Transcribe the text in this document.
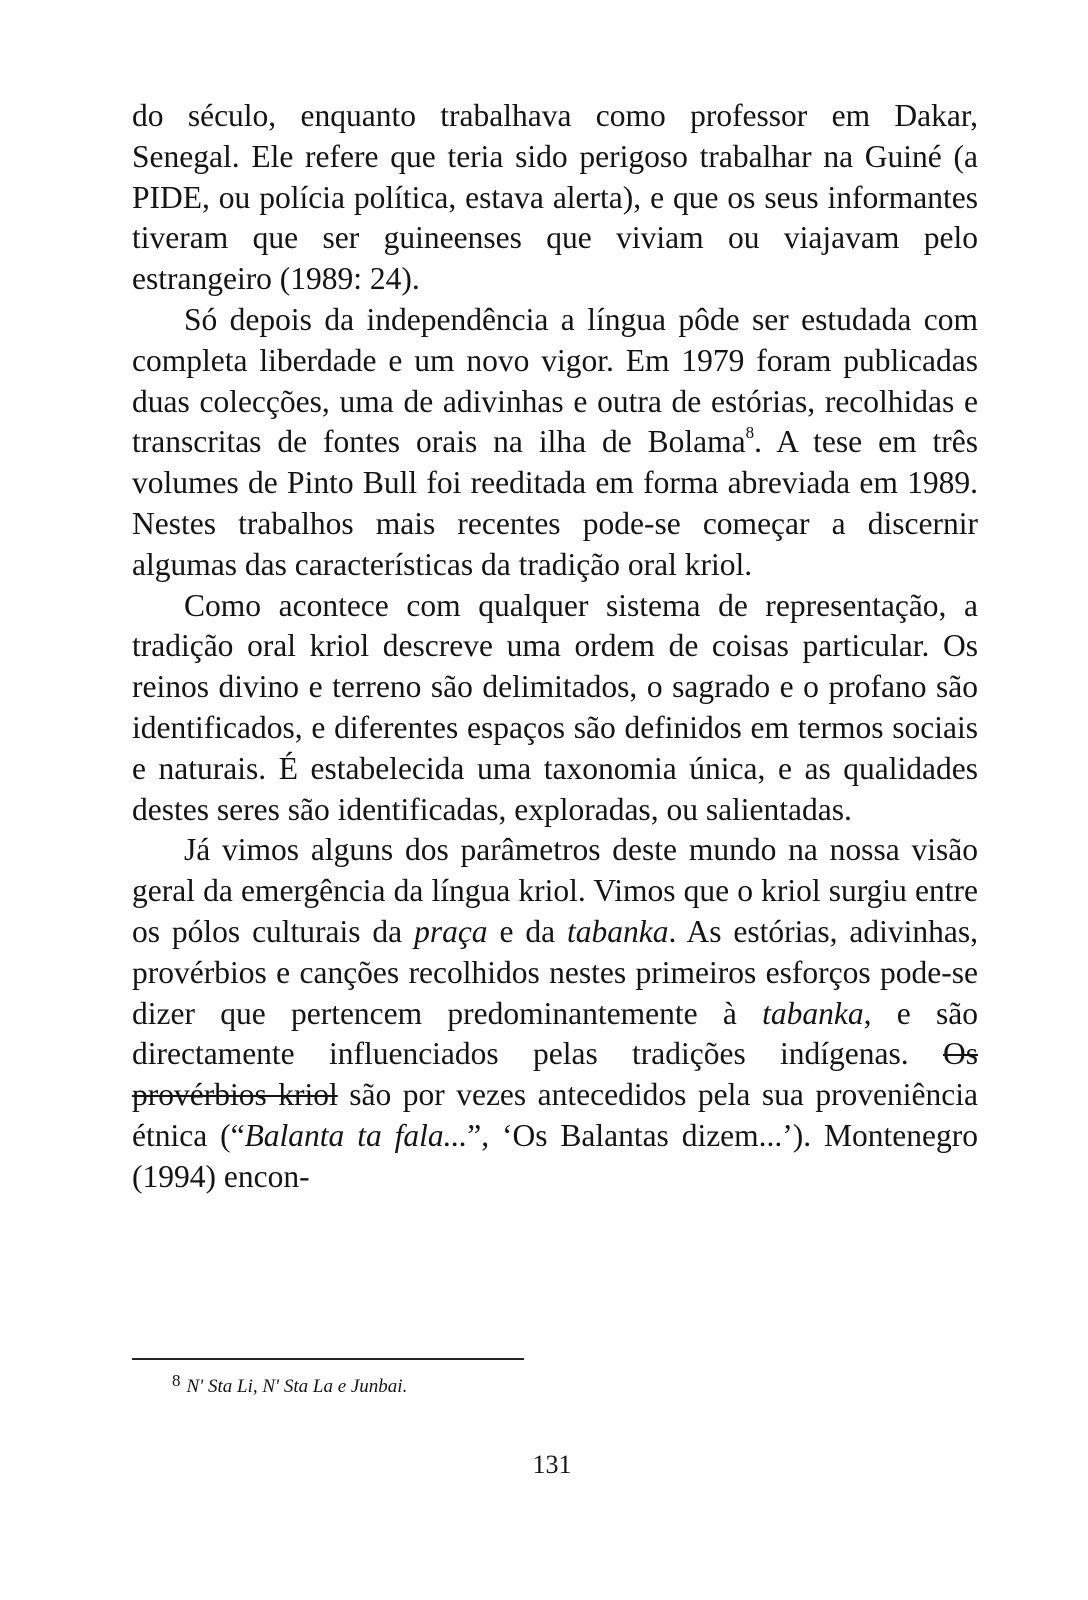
do século, enquanto trabalhava como professor em Dakar, Senegal. Ele refere que teria sido perigoso trabalhar na Guiné (a PIDE, ou polícia política, estava alerta), e que os seus informantes tiveram que ser guineenses que viviam ou viajavam pelo estrangeiro (1989: 24).

Só depois da independência a língua pôde ser estudada com completa liberdade e um novo vigor. Em 1979 foram publicadas duas colecções, uma de adivinhas e outra de estórias, recolhidas e transcritas de fontes orais na ilha de Bolama$^8$. A tese em três volumes de Pinto Bull foi reeditada em forma abreviada em 1989. Nestes trabalhos mais recentes pode-se começar a discernir algumas das características da tradição oral kriol.

Como acontece com qualquer sistema de representação, a tradição oral kriol descreve uma ordem de coisas particular. Os reinos divino e terreno são delimitados, o sagrado e o profano são identificados, e diferentes espaços são definidos em termos sociais e naturais. É estabelecida uma taxonomia única, e as qualidades destes seres são identificadas, exploradas, ou salientadas.

Já vimos alguns dos parâmetros deste mundo na nossa visão geral da emergência da língua kriol. Vimos que o kriol surgiu entre os pólos culturais da praça e da tabanka. As estórias, adivinhas, provérbios e canções recolhidos nestes primeiros esforços pode-se dizer que pertencem predominantemente à tabanka, e são directamente influenciados pelas tradições indígenas. Os provérbios kriol são por vezes antecedidos pela sua proveniência étnica (“Balanta ta fala...”, ‘Os Balantas dizem...’). Montenegro (1994) encon-

8 N' Sta Li, N' Sta La e Junbai.
131
